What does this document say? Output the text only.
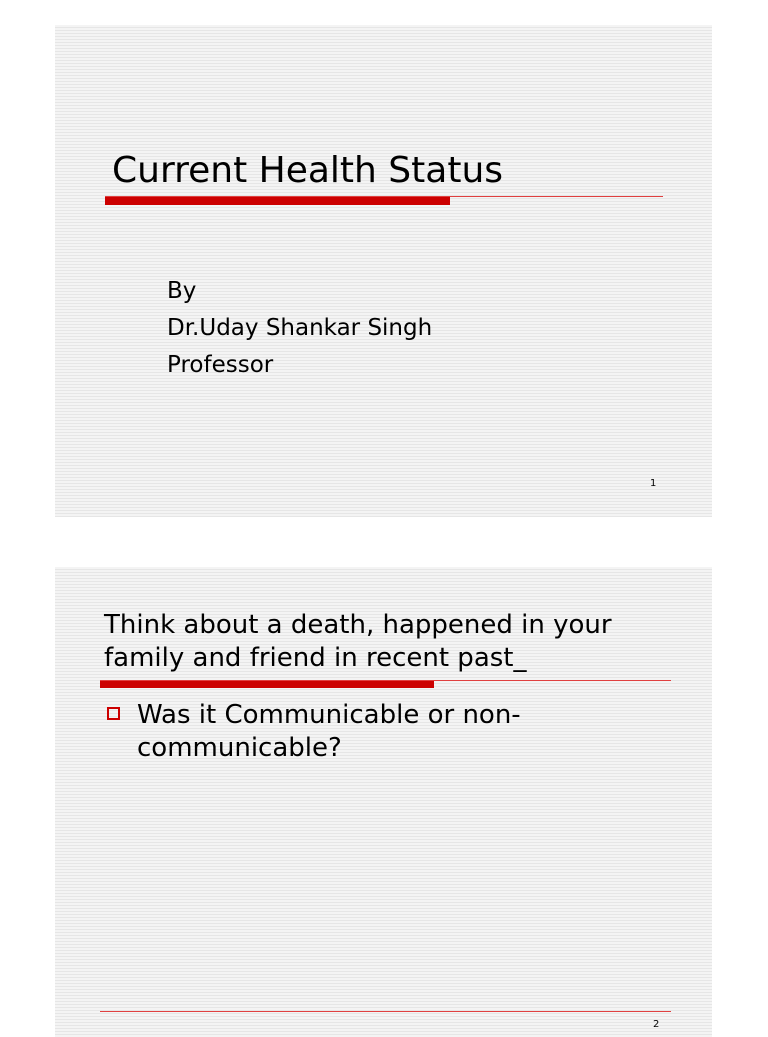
Current Health Status
By
Dr.Uday Shankar Singh
Professor
1
Think about a death, happened in your family and friend in recent past_
Was it Communicable or non-communicable?
2
